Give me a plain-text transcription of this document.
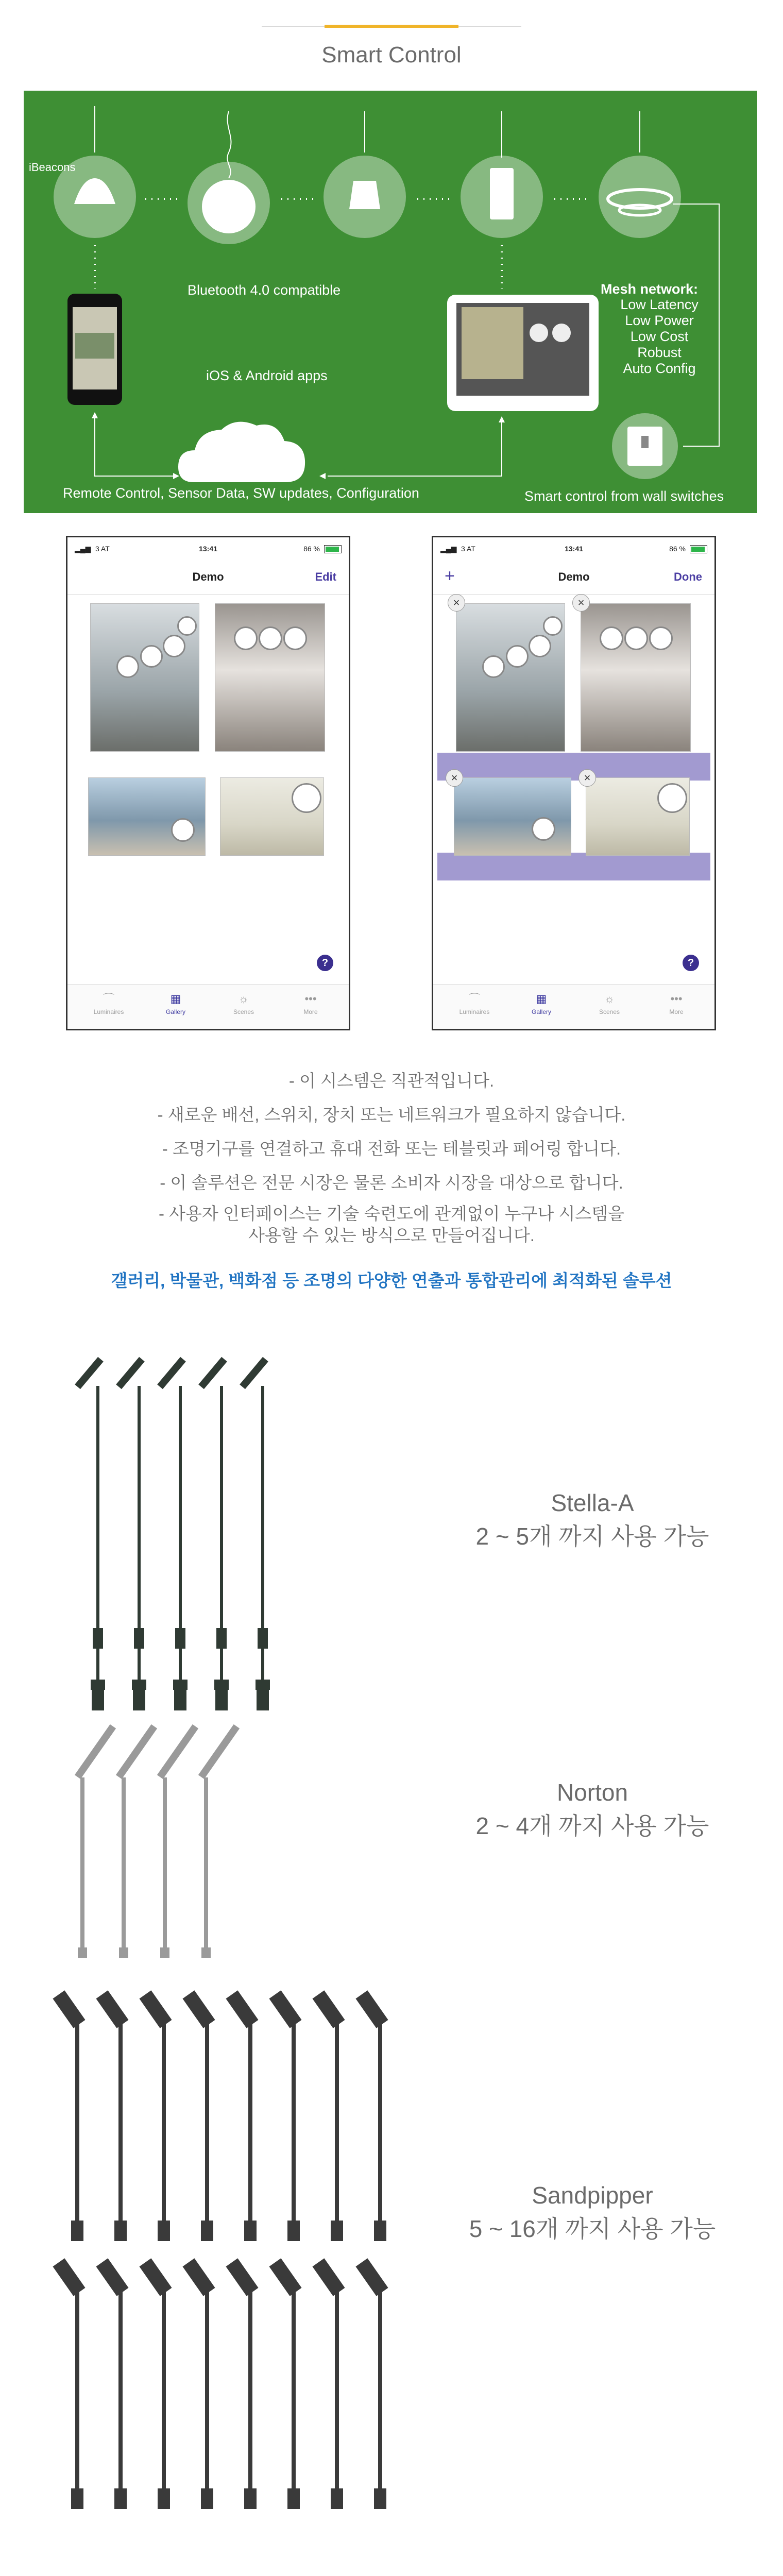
Smart Control
iBeacons
Bluetooth 4.0 compatible
iOS & Android apps
Remote Control, Sensor Data, SW updates, Configuration	Smart control from wall switches
Mesh network:
Low Latency
Low Power
Low Cost
Robust
Auto Config
▂▄▆ 3 AT	13:41	86 %
Demo	Edit
?
⌒
Luminaires
▦
Gallery
☼
Scenes
•••
More
▂▄▆ 3 AT	13:41	86 %
+	Demo	Done
×	×
×	×
?
⌒
Luminaires
▦
Gallery
☼
Scenes
•••
More
- 이 시스템은 직관적입니다.
- 새로운 배선, 스위치, 장치 또는 네트워크가 필요하지 않습니다.
- 조명기구를 연결하고 휴대 전화 또는 테블릿과 페어링 합니다.
- 이 솔루션은 전문 시장은 물론 소비자 시장을 대상으로 합니다.
- 사용자 인터페이스는 기술 숙련도에 관계없이 누구나 시스템을
사용할 수 있는 방식으로 만들어집니다.
갤러리, 박물관, 백화점 등 조명의 다양한 연출과 통합관리에 최적화된 솔루션
Stella-A
2 ~ 5개 까지 사용 가능
Norton
2 ~ 4개 까지 사용 가능
Sandpipper
5 ~ 16개 까지 사용 가능
